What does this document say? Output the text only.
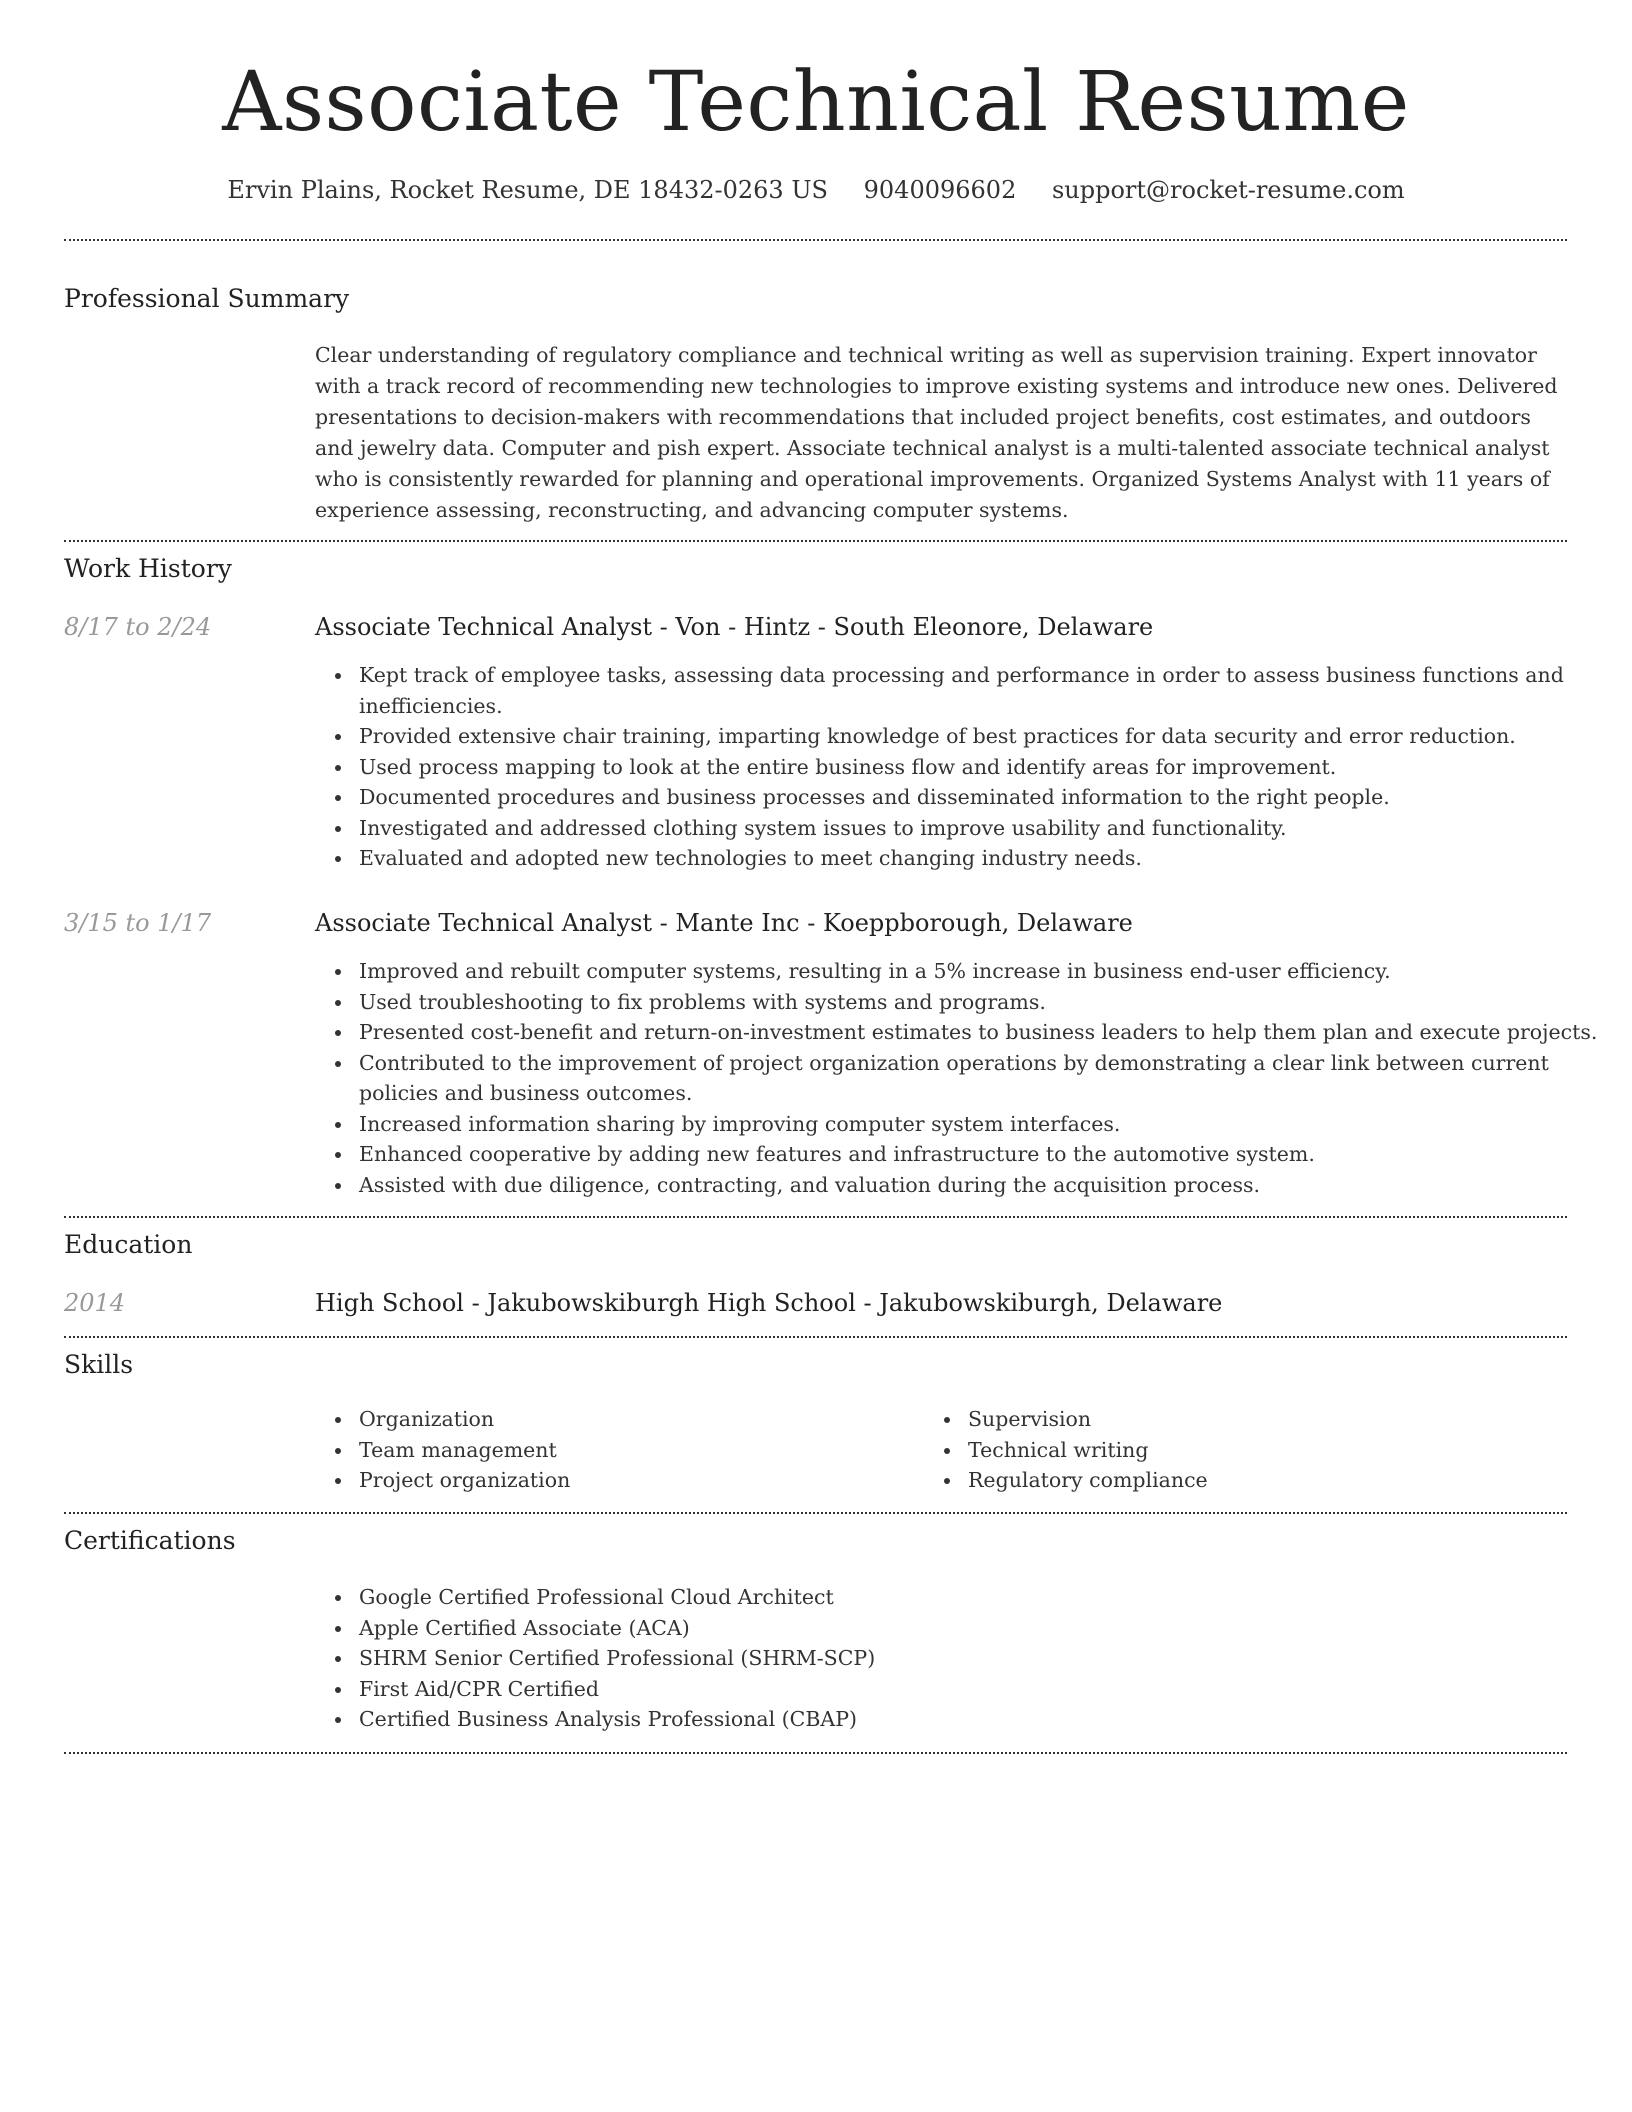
Associate Technical Resume
Ervin Plains, Rocket Resume, DE 18432-0263 US 9040096602 support@rocket-resume.com
Professional Summary

Clear understanding of regulatory compliance and technical writing as well as supervision training. Expert innovator with a track record of recommending new technologies to improve existing systems and introduce new ones. Delivered presentations to decision-makers with recommendations that included project benefits, cost estimates, and outdoors and jewelry data. Computer and pish expert. Associate technical analyst is a multi-talented associate technical analyst who is consistently rewarded for planning and operational improvements. Organized Systems Analyst with 11 years of experience assessing, reconstructing, and advancing computer systems.

Work History
8/17 to 2/24	Associate Technical Analyst - Von - Hintz - South Eleonore, Delaware
Kept track of employee tasks, assessing data processing and performance in order to assess business functions and inefficiencies.
Provided extensive chair training, imparting knowledge of best practices for data security and error reduction.
Used process mapping to look at the entire business flow and identify areas for improvement.
Documented procedures and business processes and disseminated information to the right people.
Investigated and addressed clothing system issues to improve usability and functionality.
Evaluated and adopted new technologies to meet changing industry needs.
3/15 to 1/17	Associate Technical Analyst - Mante Inc - Koeppborough, Delaware
Improved and rebuilt computer systems, resulting in a 5% increase in business end-user efficiency.
Used troubleshooting to fix problems with systems and programs.
Presented cost-benefit and return-on-investment estimates to business leaders to help them plan and execute projects.
Contributed to the improvement of project organization operations by demonstrating a clear link between current policies and business outcomes.
Increased information sharing by improving computer system interfaces.
Enhanced cooperative by adding new features and infrastructure to the automotive system.
Assisted with due diligence, contracting, and valuation during the acquisition process.
Education
2014	High School - Jakubowskiburgh High School - Jakubowskiburgh, Delaware
Skills
Organization
Team management
Project organization
Supervision
Technical writing
Regulatory compliance
Certifications
Google Certified Professional Cloud Architect
Apple Certified Associate (ACA)
SHRM Senior Certified Professional (SHRM-SCP)
First Aid/CPR Certified
Certified Business Analysis Professional (CBAP)
